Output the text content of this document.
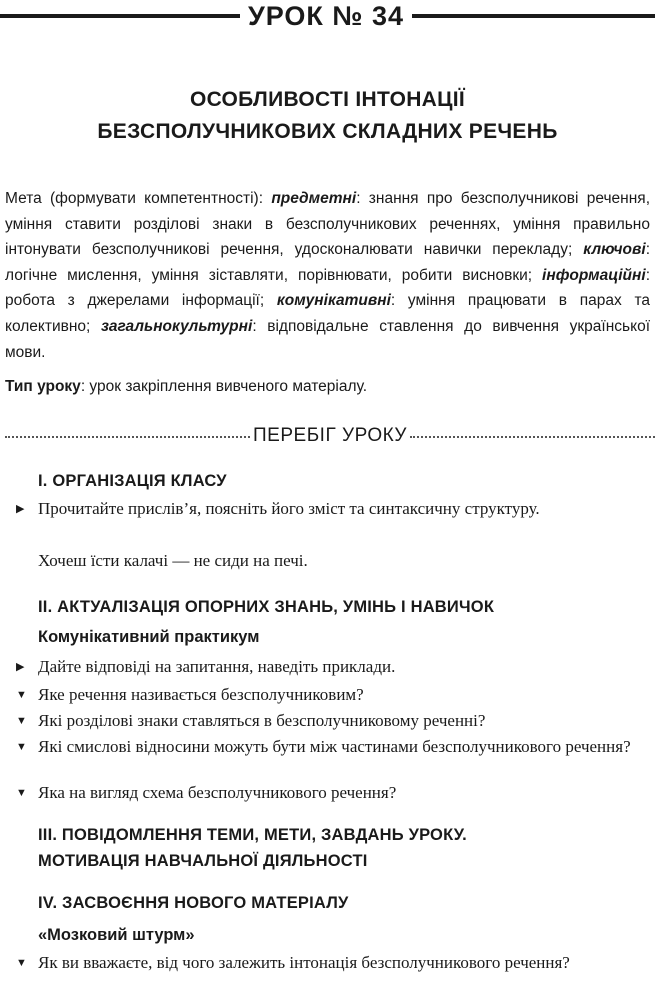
УРОК № 34
ОСОБЛИВОСТІ ІНТОНАЦІЇ
БЕЗСПОЛУЧНИКОВИХ СКЛАДНИХ РЕЧЕНЬ
Мета (формувати компетентності): предметні: знання про безсполучникові речення, уміння ставити розділові знаки в безсполучникових реченнях, уміння правильно інтонувати безсполучникові речення, удосконалювати навички перекладу; ключові: логічне мислення, уміння зіставляти, порівнювати, робити висновки; інформаційні: робота з джерелами інформації; комунікативні: уміння працювати в парах та колективно; загальнокультурні: відповідальне ставлення до вивчення української мови.
Тип уроку: урок закріплення вивченого матеріалу.
ПЕРЕБІГ УРОКУ
І. ОРГАНІЗАЦІЯ КЛАСУ
▶ Прочитайте прислів’я, поясніть його зміст та синтаксичну структуру.
Хочеш їсти калачі — не сиди на печі.
ІІ. АКТУАЛІЗАЦІЯ ОПОРНИХ ЗНАНЬ, УМІНЬ І НАВИЧОК
Комунікативний практикум
▶ Дайте відповіді на запитання, наведіть приклади.
▼ Яке речення називається безсполучниковим?
▼ Які розділові знаки ставляться в безсполучниковому реченні?
▼ Які смислові відносини можуть бути між частинами безсполучникового речення?
▼ Яка на вигляд схема безсполучникового речення?
ІІІ. ПОВІДОМЛЕННЯ ТЕМИ, МЕТИ, ЗАВДАНЬ УРОКУ.
МОТИВАЦІЯ НАВЧАЛЬНОЇ ДІЯЛЬНОСТІ
ІV. ЗАСВОЄННЯ НОВОГО МАТЕРІАЛУ
«Мозковий штурм»
▼ Як ви вважаєте, від чого залежить інтонація безсполучникового речення?
